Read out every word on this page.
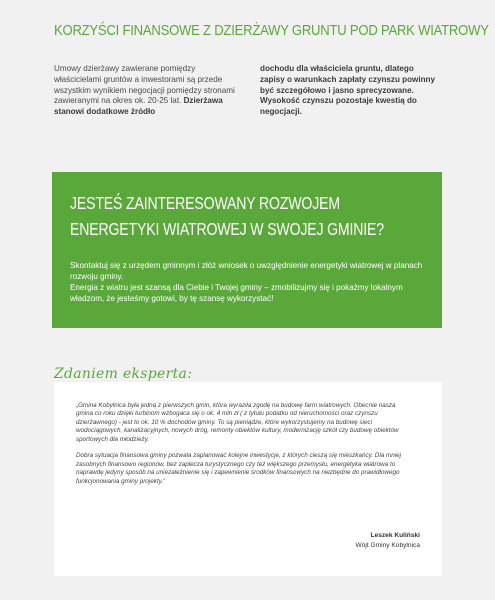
KORZYŚCI FINANSOWE Z DZIERŻAWY GRUNTU POD PARK WIATROWY
Umowy dzierżawy zawierane pomiędzy właścicielami gruntów a inwestorami są przede wszystkim wynikiem negocjacji pomiędzy stronami zawieranymi na okres ok. 20-25 lat. Dzierżawa stanowi dodatkowe źródło
dochodu dla właściciela gruntu, dlatego zapisy o warunkach zapłaty czynszu powinny być szczegółowo i jasno sprecyzowane. Wysokość czynszu pozostaje kwestią do negocjacji.
JESTEŚ ZAINTERESOWANY ROZWOJEM ENERGETYKI WIATROWEJ W SWOJEJ GMINIE?
Skontaktuj się z urzędem gminnym i złóż wniosek o uwzględnienie energetyki wiatrowej w planach rozwoju gminy.
Energia z wiatru jest szansą dla Ciebie i Twojej gminy – zmobilizujmy się i pokażmy lokalnym władzom, że jesteśmy gotowi, by tę szansę wykorzystać!
Zdaniem eksperta:

„Gmina Kobylnica była jedną z pierwszych gmin, która wyraziła zgodę na budowę farm wiatrowych. Obecnie nasza gmina co roku dzięki turbinom wzbogaca się o ok. 4 mln zł ( z tytułu podatku od nieruchomości oraz czynszu dzierżawnego) - jest to ok. 10 % dochodów gminy. To są pieniądze, które wykorzystujemy na budowę sieci wodociągowych, kanalizacyjnych, nowych dróg, remonty obiektów kultury, modernizację szkół czy budowę obiektów sportowych dla młodzieży.

Dobra sytuacja finansowa gminy pozwala zaplanować kolejne inwestycje, z których cieszą się mieszkańcy. Dla mniej zasobnych finansowo regionów, bez zaplecza turystycznego czy też większego przemysłu, energetyka wiatrowa to naprawdę jedyny sposób na uniezależnienie się i zapewnienie środków finansowych na niezbędne do prawidłowego funkcjonowania gminy projekty.”

Leszek Kuliński
Wójt Gminy Kobylnica
